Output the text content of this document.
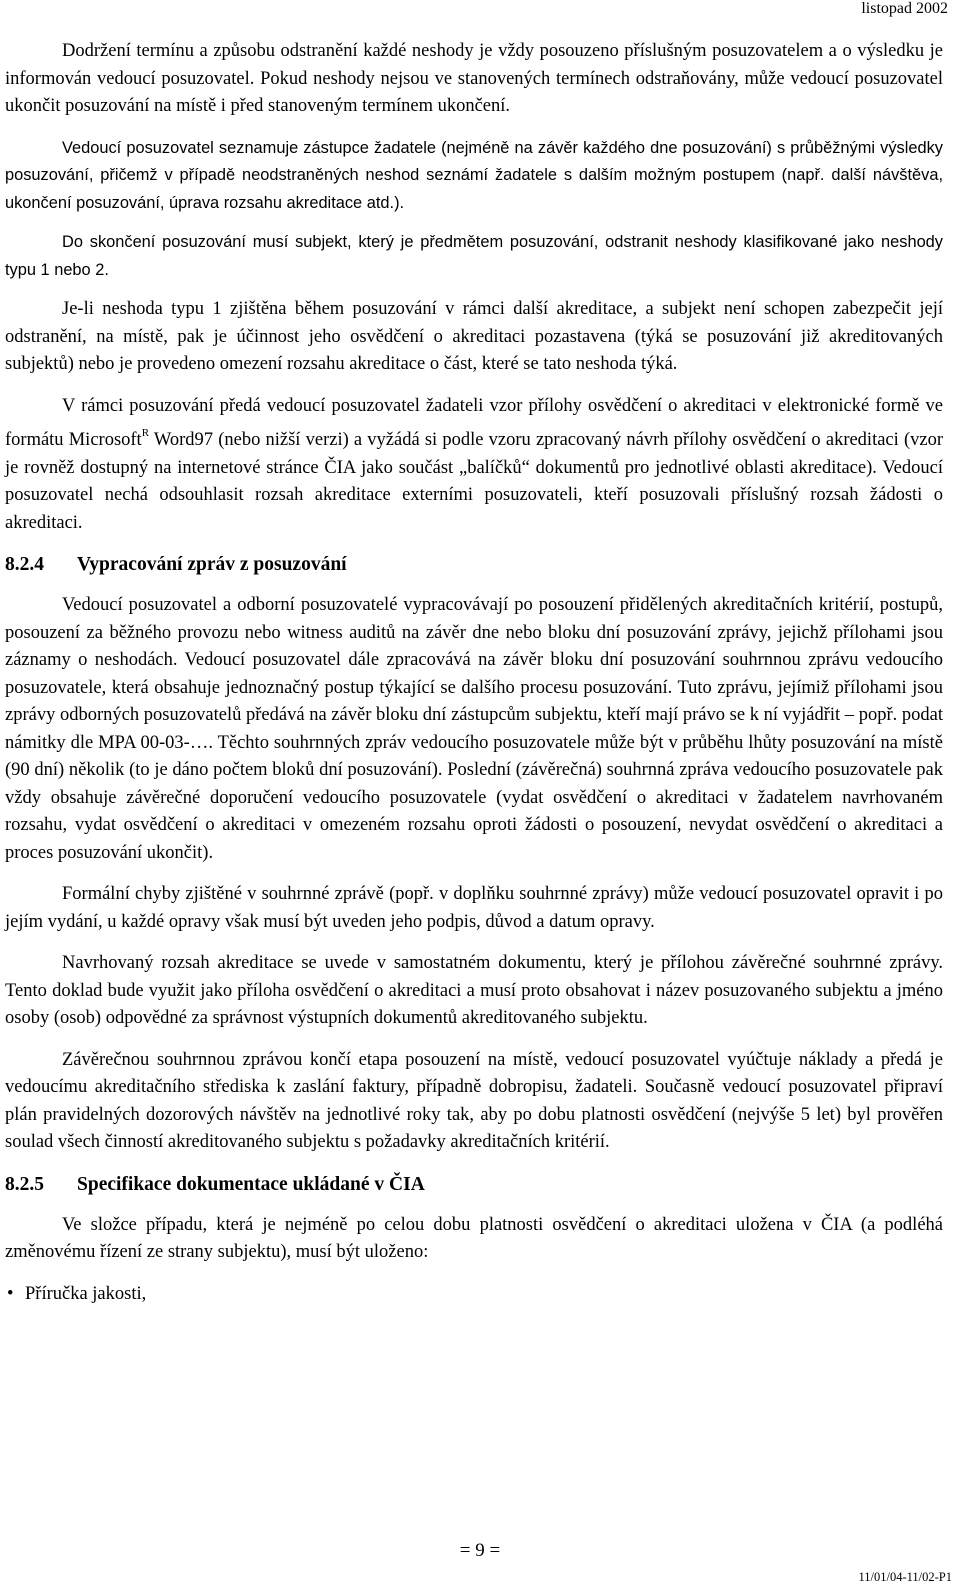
listopad 2002

Dodržení termínu a způsobu odstranění každé neshody je vždy posouzeno příslušným posuzovatelem a o výsledku je informován vedoucí posuzovatel. Pokud neshody nejsou ve stanovených termínech odstraňovány, může vedoucí posuzovatel ukončit posuzování na místě i před stanoveným termínem ukončení.

Vedoucí posuzovatel seznamuje zástupce žadatele (nejméně na závěr každého dne posuzování) s průběžnými výsledky posuzování, přičemž v případě neodstraněných neshod seznámí žadatele s dalším možným postupem (např. další návštěva, ukončení posuzování, úprava rozsahu akreditace atd.).

Do skončení posuzování musí subjekt, který je předmětem posuzování, odstranit neshody klasifikované jako neshody typu 1 nebo 2.

Je-li neshoda typu 1 zjištěna během posuzování v rámci další akreditace, a subjekt není schopen zabezpečit její odstranění, na místě, pak je účinnost jeho osvědčení o akreditaci pozastavena (týká se posuzování již akreditovaných subjektů) nebo je provedeno omezení rozsahu akreditace o část, které se tato neshoda týká.

V rámci posuzování předá vedoucí posuzovatel žadateli vzor přílohy osvědčení o akreditaci v elektronické formě ve formátu Microsoft$^R$ Word97 (nebo nižší verzi) a vyžádá si podle vzoru zpracovaný návrh přílohy osvědčení o akreditaci (vzor je rovněž dostupný na internetové stránce ČIA jako součást „balíčků“ dokumentů pro jednotlivé oblasti akreditace). Vedoucí posuzovatel nechá odsouhlasit rozsah akreditace externími posuzovateli, kteří posuzovali příslušný rozsah žádosti o akreditaci.

8.2.4 Vypracování zpráv z posuzování

Vedoucí posuzovatel a odborní posuzovatelé vypracovávají po posouzení přidělených akreditačních kritérií, postupů, posouzení za běžného provozu nebo witness auditů na závěr dne nebo bloku dní posuzování zprávy, jejichž přílohami jsou záznamy o neshodách. Vedoucí posuzovatel dále zpracovává na závěr bloku dní posuzování souhrnnou zprávu vedoucího posuzovatele, která obsahuje jednoznačný postup týkající se dalšího procesu posuzování. Tuto zprávu, jejímiž přílohami jsou zprávy odborných posuzovatelů předává na závěr bloku dní zástupcům subjektu, kteří mají právo se k ní vyjádřit – popř. podat námitky dle MPA 00-03-…. Těchto souhrnných zpráv vedoucího posuzovatele může být v průběhu lhůty posuzování na místě (90 dní) několik (to je dáno počtem bloků dní posuzování). Poslední (závěrečná) souhrnná zpráva vedoucího posuzovatele pak vždy obsahuje závěrečné doporučení vedoucího posuzovatele (vydat osvědčení o akreditaci v žadatelem navrhovaném rozsahu, vydat osvědčení o akreditaci v omezeném rozsahu oproti žádosti o posouzení, nevydat osvědčení o akreditaci a proces posuzování ukončit).

Formální chyby zjištěné v souhrnné zprávě (popř. v doplňku souhrnné zprávy) může vedoucí posuzovatel opravit i po jejím vydání, u každé opravy však musí být uveden jeho podpis, důvod a datum opravy.

Navrhovaný rozsah akreditace se uvede v samostatném dokumentu, který je přílohou závěrečné souhrnné zprávy. Tento doklad bude využit jako příloha osvědčení o akreditaci a musí proto obsahovat i název posuzovaného subjektu a jméno osoby (osob) odpovědné za správnost výstupních dokumentů akreditovaného subjektu.

Závěrečnou souhrnnou zprávou končí etapa posouzení na místě, vedoucí posuzovatel vyúčtuje náklady a předá je vedoucímu akreditačního střediska k zaslání faktury, případně dobropisu, žadateli. Současně vedoucí posuzovatel připraví plán pravidelných dozorových návštěv na jednotlivé roky tak, aby po dobu platnosti osvědčení (nejvýše 5 let) byl prověřen soulad všech činností akreditovaného subjektu s požadavky akreditačních kritérií.

8.2.5 Specifikace dokumentace ukládané v ČIA

Ve složce případu, která je nejméně po celou dobu platnosti osvědčení o akreditaci uložena v ČIA (a podléhá změnovému řízení ze strany subjektu), musí být uloženo:

• Příručka jakosti,
= 9 =
11/01/04-11/02-P1
